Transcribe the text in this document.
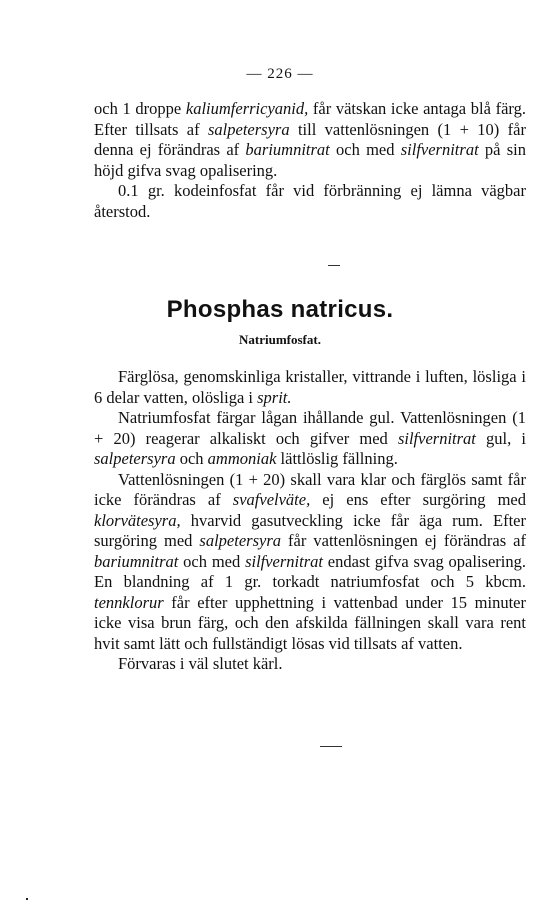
— 226 —

och 1 droppe kaliumferricyanid, får vätskan icke antaga blå färg. Efter tillsats af salpetersyra till vattenlösningen (1 + 10) får denna ej förändras af bariumnitrat och med silfvernitrat på sin höjd gifva svag opalisering.

0.1 gr. kodeinfosfat får vid förbränning ej lämna vägbar återstod.

Phosphas natricus.
Natriumfosfat.

Färglösa, genomskinliga kristaller, vittrande i luften, lösliga i 6 delar vatten, olösliga i sprit.

Natriumfosfat färgar lågan ihållande gul. Vattenlösningen (1 + 20) reagerar alkaliskt och gifver med silfvernitrat gul, i salpetersyra och ammoniak lättlöslig fällning.

Vattenlösningen (1 + 20) skall vara klar och färglös samt får icke förändras af svafvelväte, ej ens efter surgöring med klorvätesyra, hvarvid gasutveckling icke får äga rum. Efter surgöring med salpetersyra får vattenlösningen ej förändras af bariumnitrat och med silfvernitrat endast gifva svag opalisering. En blandning af 1 gr. torkadt natriumfosfat och 5 kbcm. tennklorur får efter upphettning i vattenbad under 15 minuter icke visa brun färg, och den afskilda fällningen skall vara rent hvit samt lätt och fullständigt lösas vid tillsats af vatten.

Förvaras i väl slutet kärl.
